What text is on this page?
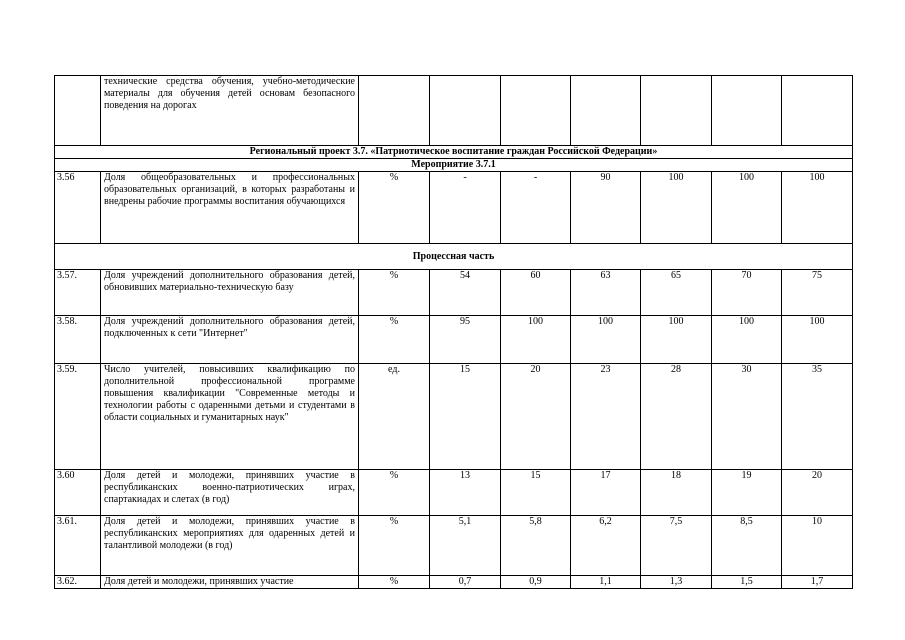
	технические средства обучения, учебно-методические материалы для обучения детей основам безопасного поведения на дорогах							
Региональный проект 3.7. «Патриотическое воспитание граждан Российской Федерации»								
Мероприятие 3.7.1								
3.56	Доля общеобразовательных и профессиональных образовательных организаций, в которых разработаны и внедрены рабочие программы воспитания обучающихся	%	-	-	90	100	100	100
Процессная часть								
3.57.	Доля учреждений дополнительного образования детей, обновивших материально-техническую базу	%	54	60	63	65	70	75
3.58.	Доля учреждений дополнительного образования детей, подключенных к сети "Интернет"	%	95	100	100	100	100	100
3.59.	Число учителей, повысивших квалификацию по дополнительной профессиональной программе повышения квалификации "Современные методы и технологии работы с одаренными детьми и студентами в области социальных и гуманитарных наук"	ед.	15	20	23	28	30	35
3.60	Доля детей и молодежи, принявших участие в республиканских военно-патриотических играх, спартакиадах и слетах (в год)	%	13	15	17	18	19	20
3.61.	Доля детей и молодежи, принявших участие в республиканских мероприятиях для одаренных детей и талантливой молодежи (в год)	%	5,1	5,8	6,2	7,5	8,5	10
3.62.	Доля детей и молодежи, принявших участие	%	0,7	0,9	1,1	1,3	1,5	1,7
